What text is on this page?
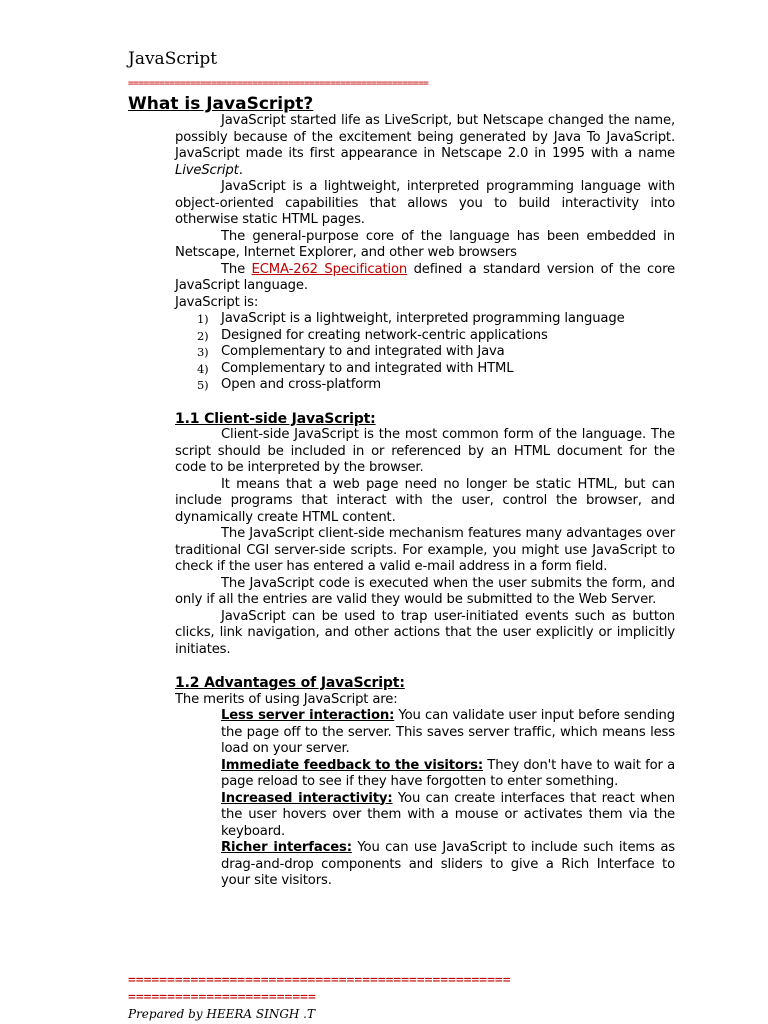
JavaScript
==========================================================
What is JavaScript?

JavaScript started life as LiveScript, but Netscape changed the name, possibly because of the excitement being generated by Java To JavaScript. JavaScript made its first appearance in Netscape 2.0 in 1995 with a name LiveScript.

JavaScript is a lightweight, interpreted programming language with object-oriented capabilities that allows you to build interactivity into otherwise static HTML pages.

The general-purpose core of the language has been embedded in Netscape, Internet Explorer, and other web browsers

The ECMA-262 Specification defined a standard version of the core JavaScript language.

JavaScript is:

1) JavaScript is a lightweight, interpreted programming language
2) Designed for creating network-centric applications
3) Complementary to and integrated with Java
4) Complementary to and integrated with HTML
5) Open and cross-platform

1.1 Client-side JavaScript:

Client-side JavaScript is the most common form of the language. The script should be included in or referenced by an HTML document for the code to be interpreted by the browser.

It means that a web page need no longer be static HTML, but can include programs that interact with the user, control the browser, and dynamically create HTML content.

The JavaScript client-side mechanism features many advantages over traditional CGI server-side scripts. For example, you might use JavaScript to check if the user has entered a valid e-mail address in a form field.

The JavaScript code is executed when the user submits the form, and only if all the entries are valid they would be submitted to the Web Server.

JavaScript can be used to trap user-initiated events such as button clicks, link navigation, and other actions that the user explicitly or implicitly initiates.

1.2 Advantages of JavaScript:

The merits of using JavaScript are:

Less server interaction: You can validate user input before sending the page off to the server. This saves server traffic, which means less load on your server.

Immediate feedback to the visitors: They don't have to wait for a page reload to see if they have forgotten to enter something.

Increased interactivity: You can create interfaces that react when the user hovers over them with a mouse or activates them via the keyboard.

Richer interfaces: You can use JavaScript to include such items as drag-and-drop components and sliders to give a Rich Interface to your site visitors.

=================================================
========================
Prepared by HEERA SINGH .T
